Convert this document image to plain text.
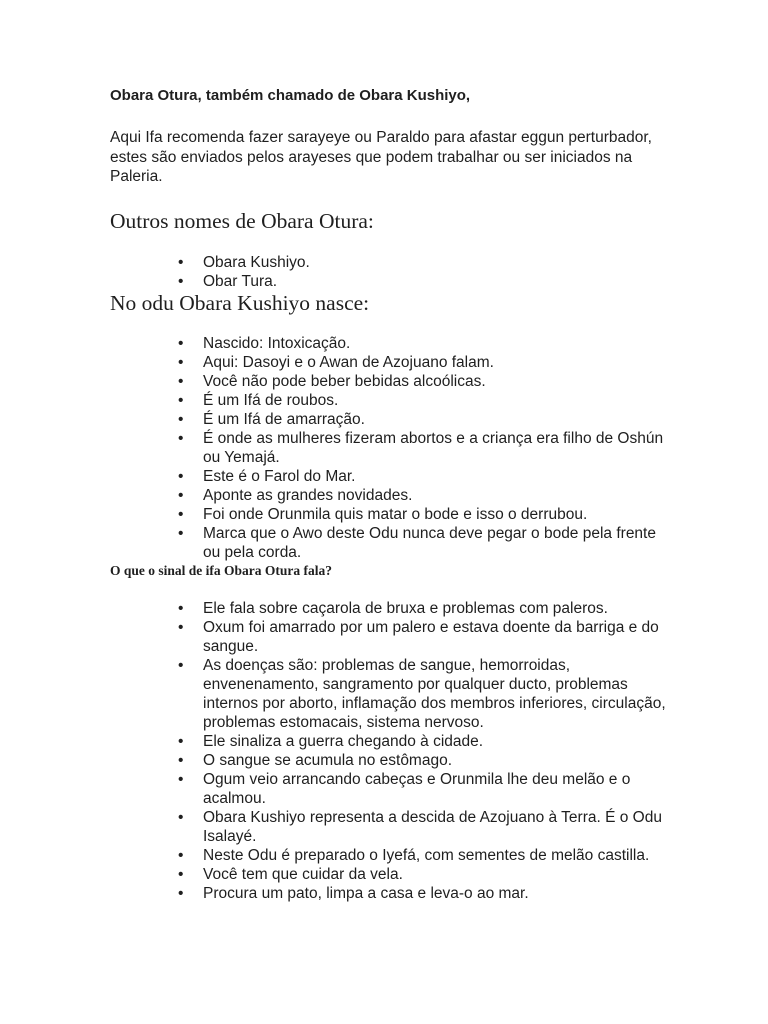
Obara Otura, também chamado de Obara Kushiyo,

Aqui Ifa recomenda fazer sarayeye ou Paraldo para afastar eggun perturbador, estes são enviados pelos arayeses que podem trabalhar ou ser iniciados na Paleria.

Outros nomes de Obara Otura:
• Obara Kushiyo.
• Obar Tura.
No odu Obara Kushiyo nasce:
• Nascido: Intoxicação.
• Aqui: Dasoyi e o Awan de Azojuano falam.
• Você não pode beber bebidas alcoólicas.
• É um Ifá de roubos.
• É um Ifá de amarração.
• É onde as mulheres fizeram abortos e a criança era filho de Oshún ou Yemajá.
• Este é o Farol do Mar.
• Aponte as grandes novidades.
• Foi onde Orunmila quis matar o bode e isso o derrubou.
• Marca que o Awo deste Odu nunca deve pegar o bode pela frente ou pela corda.
O que o sinal de ifa Obara Otura fala?
• Ele fala sobre caçarola de bruxa e problemas com paleros.
• Oxum foi amarrado por um palero e estava doente da barriga e do sangue.
• As doenças são: problemas de sangue, hemorroidas, envenenamento, sangramento por qualquer ducto, problemas internos por aborto, inflamação dos membros inferiores, circulação, problemas estomacais, sistema nervoso.
• Ele sinaliza a guerra chegando à cidade.
• O sangue se acumula no estômago.
• Ogum veio arrancando cabeças e Orunmila lhe deu melão e o acalmou.
• Obara Kushiyo representa a descida de Azojuano à Terra. É o Odu Isalayé.
• Neste Odu é preparado o Iyefá, com sementes de melão castilla.
• Você tem que cuidar da vela.
• Procura um pato, limpa a casa e leva-o ao mar.
